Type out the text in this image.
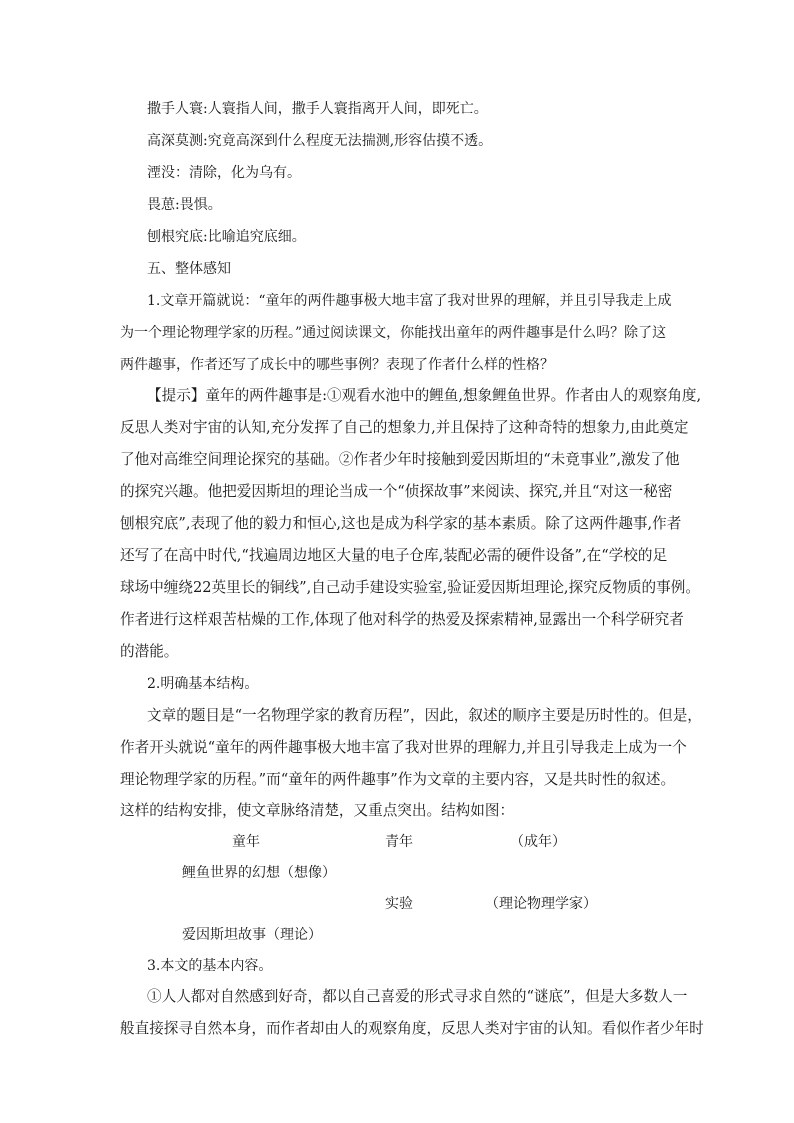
撒手人寰:人寰指人间，撒手人寰指离开人间，即死亡。
高深莫测:究竟高深到什么程度无法揣测,形容估摸不透。
湮没：清除，化为乌有。
畏葸:畏惧。
刨根究底:比喻追究底细。
五、整体感知
1.文章开篇就说：“童年的两件趣事极大地丰富了我对世界的理解，并且引导我走上成
为一个理论物理学家的历程。”通过阅读课文，你能找出童年的两件趣事是什么吗？除了这
两件趣事，作者还写了成长中的哪些事例？表现了作者什么样的性格？
【提示】童年的两件趣事是:①观看水池中的鲤鱼,想象鲤鱼世界。作者由人的观察角度,
反思人类对宇宙的认知,充分发挥了自己的想象力,并且保持了这种奇特的想象力,由此奠定
了他对高维空间理论探究的基础。②作者少年时接触到爱因斯坦的“未竟事业”,激发了他
的探究兴趣。他把爱因斯坦的理论当成一个“侦探故事”来阅读、探究,并且“对这一秘密
刨根究底”,表现了他的毅力和恒心,这也是成为科学家的基本素质。除了这两件趣事,作者
还写了在高中时代,“找遍周边地区大量的电子仓库,装配必需的硬件设备”,在“学校的足
球场中缠绕22英里长的铜线”,自己动手建设实验室,验证爱因斯坦理论,探究反物质的事例。
作者进行这样艰苦枯燥的工作,体现了他对科学的热爱及探索精神,显露出一个科学研究者
的潜能。
2.明确基本结构。
文章的题目是“一名物理学家的教育历程”，因此，叙述的顺序主要是历时性的。但是，
作者开头就说“童年的两件趣事极大地丰富了我对世界的理解力,并且引导我走上成为一个
理论物理学家的历程。”而“童年的两件趣事”作为文章的主要内容，又是共时性的叙述。
这样的结构安排，使文章脉络清楚，又重点突出。结构如图：
童年	青年	（成年）
鲤鱼世界的幻想（想像）
实验	（理论物理学家）
爱因斯坦故事（理论）
3.本文的基本内容。
①人人都对自然感到好奇，都以自己喜爱的形式寻求自然的“谜底”，但是大多数人一
般直接探寻自然本身，而作者却由人的观察角度，反思人类对宇宙的认知。看似作者少年时
